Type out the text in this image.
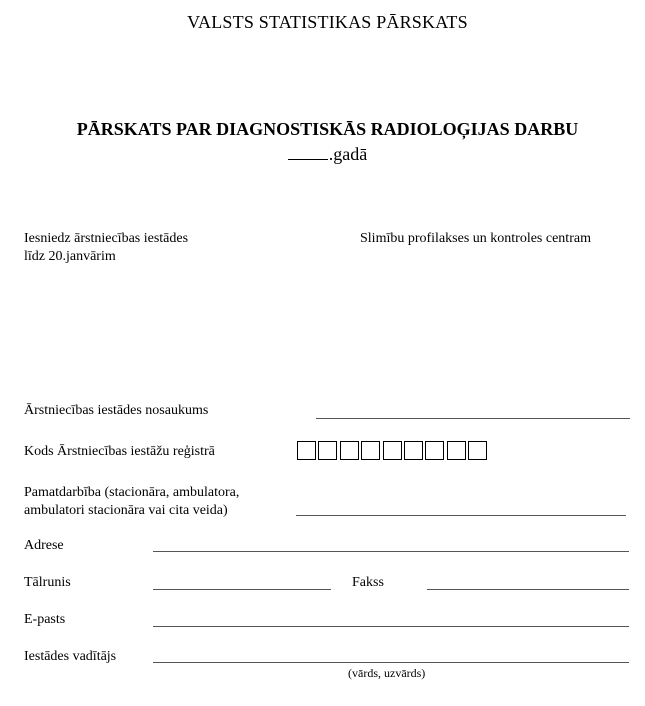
VALSTS STATISTIKAS PĀRSKATS
PĀRSKATS PAR DIAGNOSTISKĀS RADIOLOĢIJAS DARBU
.gadā
Iesniedz ārstniecības iestādes
līdz 20.janvārim
Slimību profilakses un kontroles centram
Ārstniecības iestādes nosaukums
Kods Ārstniecības iestāžu reģistrā
Pamatdarbība (stacionāra, ambulatora,
ambulatori stacionāra vai cita veida)
Adrese
Tālrunis	Fakss
E-pasts
Iestādes vadītājs
(vārds, uzvārds)
